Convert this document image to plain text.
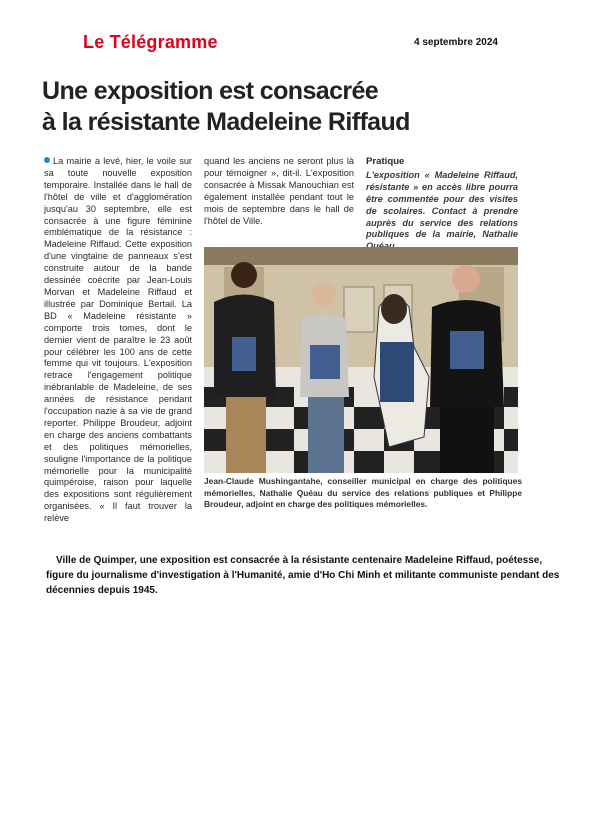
Le Télégramme	4 septembre 2024
Une exposition est consacrée
à la résistante Madeleine Riffaud

La mairie a levé, hier, le voile sur sa toute nouvelle exposition temporaire. Installée dans le hall de l'hôtel de ville et d'agglomération jusqu'au 30 septembre, elle est consacrée à une figure féminine emblématique de la résistance : Madeleine Riffaud. Cette exposition d'une vingtaine de panneaux s'est construite autour de la bande dessinée coécrite par Jean-Louis Morvan et Madeleine Riffaud et illustrée par Dominique Bertail. La BD « Madeleine résistante » comporte trois tomes, dont le dernier vient de paraître le 23 août pour célébrer les 100 ans de cette femme qui vit toujours. L'exposition retrace l'engagement politique inébranlable de Madeleine, de ses années de résistance pendant l'occupation nazie à sa vie de grand reporter. Philippe Broudeur, adjoint en charge des anciens combattants et des politiques mémorielles, souligne l'importance de la politique mémorielle pour la municipalité quimpéroise, raison pour laquelle des expositions sont régulièrement organisées. « Il faut trouver la relève

quand les anciens ne seront plus là pour témoigner », dit-il. L'exposition consacrée à Missak Manouchian est également installée pendant tout le mois de septembre dans le hall de l'hôtel de Ville.

Pratique

L'exposition « Madeleine Riffaud, résistante » en accès libre pourra être commentée pour des visites de scolaires. Contact à prendre auprès du service des relations publiques de la mairie, Nathalie

Jean-Claude Mushingantahe, conseiller municipal en charge des politiques mémorielles, Nathalie Quéau du service des relations publiques et Philippe Broudeur, adjoint en charge des politiques mémorielles.

Ville de Quimper, une exposition est consacrée à la résistante centenaire Madeleine Riffaud, poétesse, figure du journalisme d'investigation à l'Humanité, amie d'Ho Chi Minh et militante communiste pendant des décennies depuis 1945.
